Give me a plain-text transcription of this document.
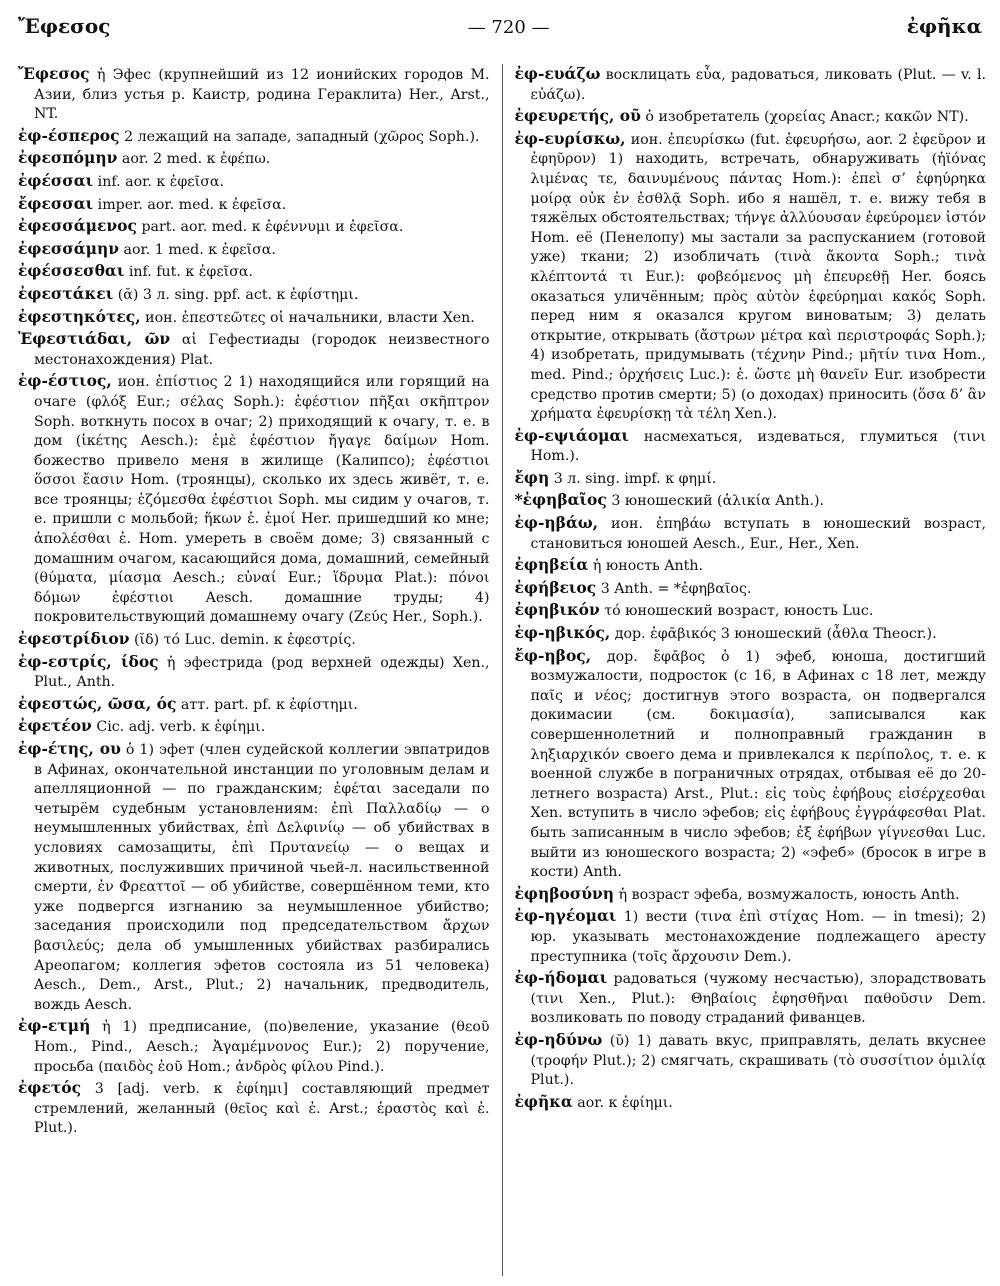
Ἔφεσος	— 720 —	ἐφῆκα

Ἔφεσος ἡ Эфес (крупнейший из 12 ионийских городов М. Азии, близ устья р. Каистр, родина Гераклита) Her., Arst., NT.

ἐφ-έσπερος 2 лежащий на западе, западный (χῶρος Soph.).

ἐφεσπόμην aor. 2 med. к ἐφέπω.

ἐφέσσαι inf. aor. к ἐφεῖσα.

ἔφεσσαι imper. aor. med. к ἐφεῖσα.

ἐφεσσάμενος part. aor. med. к ἐφέννυμι и ἐφεῖσα.

ἐφεσσάμην aor. 1 med. к ἐφεῖσα.

ἐφέσσεσθαι inf. fut. к ἐφεῖσα.

ἐφεστάκει (ᾰ) 3 л. sing. ppf. act. к ἐφίστημι.

ἐφεστηκότες, ион. ἐπεστεῶτες οἱ начальники, власти Xen.

Ἐφεστιάδαι, ῶν αἱ Гефестиады (городок неизвестного местонахождения) Plat.

ἐφ-έστιος, ион. ἐπίστιος 2 1) находящийся или горящий на очаге (φλόξ Eur.; σέλας Soph.): ἐφέστιον πῆξαι σκῆπτρον Soph. воткнуть посох в очаг; 2) приходящий к очагу, т. е. в дом (ἱκέτης Aesch.): ἐμὲ ἐφέστιον ἤγαγε δαίμων Hom. божество привело меня в жилище (Калипсо); ἐφέστιοι ὅσσοι ἔασιν Hom. (троянцы), сколько их здесь живёт, т. е. все троянцы; ἑζόμεσθα ἐφέστιοι Soph. мы сидим у очагов, т. е. пришли с мольбой; ἥκων ἐ. ἐμοί Her. пришедший ко мне; ἀπολέσθαι ἐ. Hom. умереть в своём доме; 3) связанный с домашним очагом, касающийся дома, домашний, семейный (θύματα, μίασμα Aesch.; εὐναί Eur.; ἵδρυμα Plat.): πόνοι δόμων ἐφέστιοι Aesch. домашние труды; 4) покровительствующий домашнему очагу (Ζεύς Her., Soph.).

ἐφεστρίδιον (ῐδ) τό Luc. demin. к ἐφεστρίς.

ἐφ-εστρίς, ίδος ἡ эфестрида (род верхней одежды) Xen., Plut., Anth.

ἐφεστώς, ῶσα, ός атт. part. pf. к ἐφίστημι.

ἐφετέον Cic. adj. verb. к ἐφίημι.

ἐφ-έτης, ου ὁ 1) эфет (член судейской коллегии эвпатридов в Афинах, окончательной инстанции по уголовным делам и апелляционной — по гражданским; ἐφέται заседали по четырём судебным установлениям: ἐπὶ Παλλαδίῳ — о неумышленных убийствах, ἐπὶ Δελφινίῳ — об убийствах в условиях самозащиты, ἐπὶ Πρυτανείῳ — о вещах и животных, послуживших причиной чьей-л. насильственной смерти, ἐν Φρεαττοῖ — об убийстве, совершённом теми, кто уже подвергся изгнанию за неумышленное убийство; заседания происходили под председательством ἄρχων βασιλεύς; дела об умышленных убийствах разбирались Ареопагом; коллегия эфетов состояла из 51 человека) Aesch., Dem., Arst., Plut.; 2) начальник, предводитель, вождь Aesch.

ἐφ-ετμή ἡ 1) предписание, (по)веление, указание (θεοῦ Hom., Pind., Aesch.; Ἀγαμέμνονος Eur.); 2) поручение, просьба (παιδὸς ἑοῦ Hom.; ἀνδρὸς φίλου Pind.).

ἐφετός 3 [adj. verb. к ἐφίημι] составляющий предмет стремлений, желанный (θεῖος καὶ ἐ. Arst.; ἐραστὸς καὶ ἐ. Plut.).

ἐφ-ευάζω восклицать εὖα, радоваться, ликовать (Plut. — v. l. εὐάζω).

ἐφευρετής, οῦ ὁ изобретатель (χορείας Anacr.; κακῶν NT).

ἐφ-ευρίσκω, ион. ἐπευρίσκω (fut. ἐφευρήσω, aor. 2 ἐφεῦρον и ἐφηῦρον) 1) находить, встречать, обнаруживать (ἠϊόνας λιμένας τε, δαινυμένους πάντας Hom.): ἐπεὶ σ’ ἐφηύρηκα μοίρᾳ οὐκ ἐν ἐσθλᾷ Soph. ибо я нашёл, т. е. вижу тебя в тяжёлых обстоятельствах; τήνγε ἀλλύουσαν ἐφεύρομεν ἱστόν Hom. её (Пенелопу) мы застали за распусканием (готовой уже) ткани; 2) изобличать (τινὰ ἄκοντα Soph.; τινὰ κλέπτοντά τι Eur.): φοβεόμενος μὴ ἐπευρεθῇ Her. боясь оказаться уличённым; πρὸς αὐτὸν ἐφεύρημαι κακός Soph. перед ним я оказался кругом виноватым; 3) делать открытие, открывать (ἄστρων μέτρα καὶ περιστροφάς Soph.); 4) изобретать, придумывать (τέχνην Pind.; μῆτίν τινα Hom., med. Pind.; ὀρχήσεις Luc.): ἐ. ὥστε μὴ θανεῖν Eur. изобрести средство против смерти; 5) (о доходах) приносить (ὅσα δ’ ἂν χρήματα ἐφευρίσκῃ τὰ τέλη Xen.).

ἐφ-εψιάομαι насмехаться, издеваться, глумиться (τινι Hom.).

ἔφη 3 л. sing. impf. к φημί.

*ἐφηβαῖος 3 юношеский (ἁλικία Anth.).

ἐφ-ηβάω, ион. ἐπηβάω вступать в юношеский возраст, становиться юношей Aesch., Eur., Her., Xen.

ἐφηβεία ἡ юность Anth.

ἐφήβειος 3 Anth. = *ἐφηβαῖος.

ἐφηβικόν τό юношеский возраст, юность Luc.

ἐφ-ηβικός, дор. ἐφᾱβικός 3 юношеский (ἆθλα Theocr.).

ἔφ-ηβος, дор. ἔφᾱβος ὁ 1) эфеб, юноша, достигший возмужалости, подросток (с 16, в Афинах с 18 лет, между παῖς и νέος; достигнув этого возраста, он подвергался докимасии (см. δοκιμασία), записывался как совершеннолетний и полноправный гражданин в ληξιαρχικόν своего дема и привлекался к περίπολος, т. е. к военной службе в пограничных отрядах, отбывая её до 20-летнего возраста) Arst., Plut.: εἰς τοὺς ἐφήβους εἰσέρχεσθαι Xen. вступить в число эфебов; εἰς ἐφήβους ἐγγράφεσθαι Plat. быть записанным в число эфебов; ἐξ ἐφήβων γίγνεσθαι Luc. выйти из юношеского возраста; 2) «эфеб» (бросок в игре в кости) Anth.

ἐφηβοσύνη ἡ возраст эфеба, возмужалость, юность Anth.

ἐφ-ηγέομαι 1) вести (τινα ἐπὶ στίχας Hom. — in tmesi); 2) юр. указывать местонахождение подлежащего аресту преступника (τοῖς ἄρχουσιν Dem.).

ἐφ-ήδομαι радоваться (чужому несчастью), злорадствовать (τινι Xen., Plut.): Θηβαίοις ἐφησθῆναι παθοῦσιν Dem. возликовать по поводу страданий фиванцев.

ἐφ-ηδύνω (ῡ) 1) давать вкус, приправлять, делать вкуснее (τροφήν Plut.); 2) смягчать, скрашивать (τὸ συσσίτιον ὁμιλίᾳ Plut.).

ἐφῆκα aor. к ἐφίημι.
